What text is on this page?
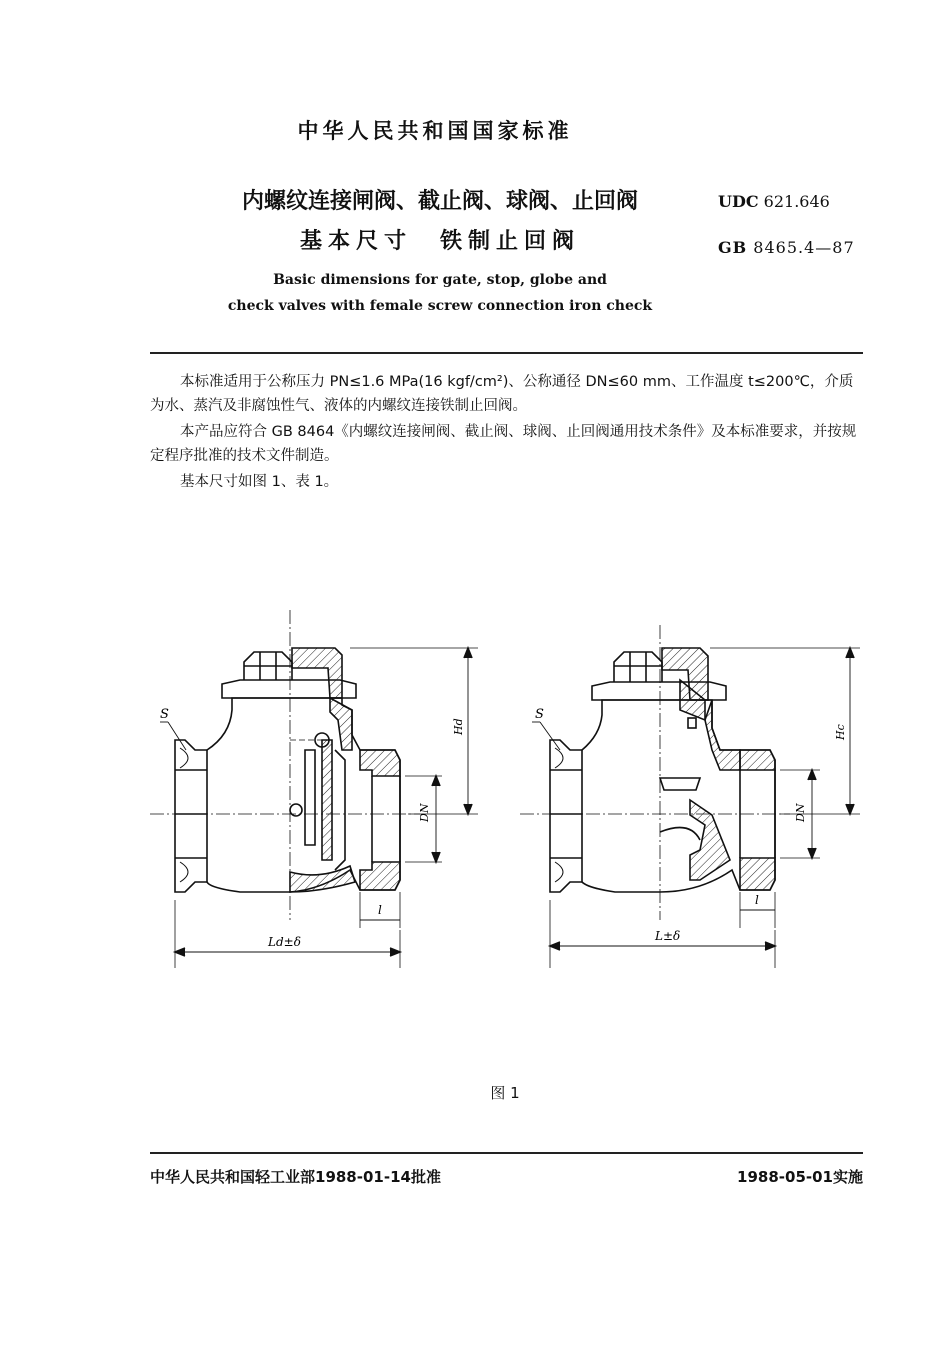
中华人民共和国国家标准
内螺纹连接闸阀、截止阀、球阀、止回阀
基本尺寸　铁制止回阀
UDC 621.646
GB 8465.4—87
Basic dimensions for gate, stop, globe and
check valves with female screw connection iron check
本标准适用于公称压力 PN≤1.6 MPa(16 kgf/cm²)、公称通径 DN≤60 mm、工作温度 t≤200℃，介质为水、蒸汽及非腐蚀性气、液体的内螺纹连接铁制止回阀。
本产品应符合 GB 8464《内螺纹连接闸阀、截止阀、球阀、止回阀通用技术条件》及本标准要求，并按规定程序批准的技术文件制造。
基本尺寸如图 1、表 1。
S
Hd
DN
l
Ld±δ
S
Hc
DN
l
L±δ
图 1
中华人民共和国轻工业部1988-01-14批准	1988-05-01实施
